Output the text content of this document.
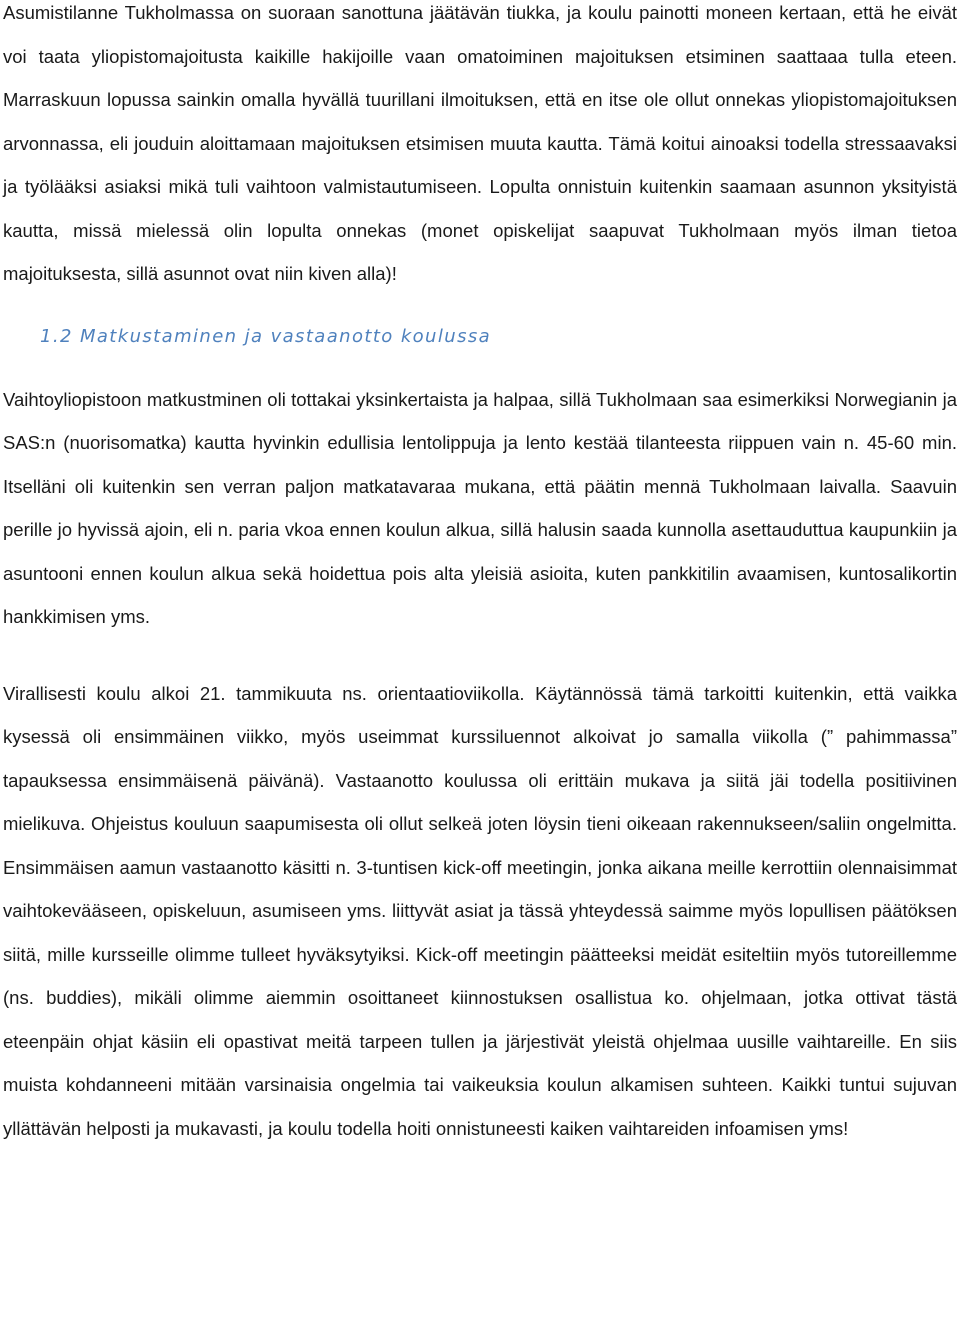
Asumistilanne Tukholmassa on suoraan sanottuna jäätävän tiukka, ja koulu painotti moneen kertaan, että he eivät voi taata yliopistomajoitusta kaikille hakijoille vaan omatoiminen majoituksen etsiminen saattaaa tulla eteen. Marraskuun lopussa sainkin omalla hyvällä tuurillani ilmoituksen, että en itse ole ollut onnekas yliopistomajoituksen arvonnassa, eli jouduin aloittamaan majoituksen etsimisen muuta kautta. Tämä koitui ainoaksi todella stressaavaksi ja työlääksi asiaksi mikä tuli vaihtoon valmistautumiseen. Lopulta onnistuin kuitenkin saamaan asunnon yksityistä kautta, missä mielessä olin lopulta onnekas (monet opiskelijat saapuvat Tukholmaan myös ilman tietoa majoituksesta, sillä asunnot ovat niin kiven alla)!

1.2 Matkustaminen ja vastaanotto koulussa

Vaihtoyliopistoon matkustminen oli tottakai yksinkertaista ja halpaa, sillä Tukholmaan saa esimerkiksi Norwegianin ja SAS:n (nuorisomatka) kautta hyvinkin edullisia lentolippuja ja lento kestää tilanteesta riippuen vain n. 45-60 min. Itselläni oli kuitenkin sen verran paljon matkatavaraa mukana, että päätin mennä Tukholmaan laivalla. Saavuin perille jo hyvissä ajoin, eli n. paria vkoa ennen koulun alkua, sillä halusin saada kunnolla asettauduttua kaupunkiin ja asuntooni ennen koulun alkua sekä hoidettua pois alta yleisiä asioita, kuten pankkitilin avaamisen, kuntosalikortin hankkimisen yms.

Virallisesti koulu alkoi 21. tammikuuta ns. orientaatioviikolla. Käytännössä tämä tarkoitti kuitenkin, että vaikka kysessä oli ensimmäinen viikko, myös useimmat kurssiluennot alkoivat jo samalla viikolla (” pahimmassa” tapauksessa ensimmäisenä päivänä). Vastaanotto koulussa oli erittäin mukava ja siitä jäi todella positiivinen mielikuva. Ohjeistus kouluun saapumisesta oli ollut selkeä joten löysin tieni oikeaan rakennukseen/saliin ongelmitta. Ensimmäisen aamun vastaanotto käsitti n. 3-tuntisen kick-off meetingin, jonka aikana meille kerrottiin olennaisimmat vaihtokevääseen, opiskeluun, asumiseen yms. liittyvät asiat ja tässä yhteydessä saimme myös lopullisen päätöksen siitä, mille kursseille olimme tulleet hyväksytyiksi. Kick-off meetingin päätteeksi meidät esiteltiin myös tutoreillemme (ns. buddies), mikäli olimme aiemmin osoittaneet kiinnostuksen osallistua ko. ohjelmaan, jotka ottivat tästä eteenpäin ohjat käsiin eli opastivat meitä tarpeen tullen ja järjestivät yleistä ohjelmaa uusille vaihtareille. En siis muista kohdanneeni mitään varsinaisia ongelmia tai vaikeuksia koulun alkamisen suhteen. Kaikki tuntui sujuvan yllättävän helposti ja mukavasti, ja koulu todella hoiti onnistuneesti kaiken vaihtareiden infoamisen yms!
